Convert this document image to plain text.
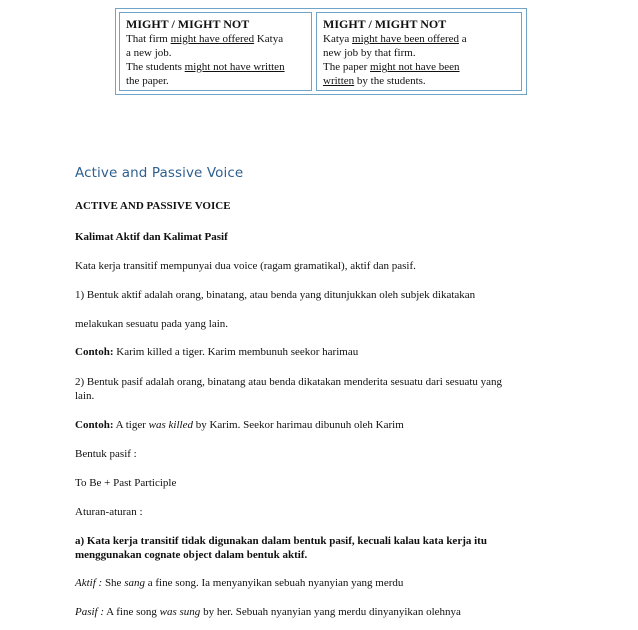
MIGHT / MIGHT NOT
That firm might have offered Katya
a new job.
The students might not have written
the paper.
MIGHT / MIGHT NOT
Katya might have been offered a
new job by that firm.
The paper might not have been
written by the students.
Active and Passive Voice
ACTIVE AND PASSIVE VOICE
Kalimat Aktif dan Kalimat Pasif
Kata kerja transitif mempunyai dua voice (ragam gramatikal), aktif dan pasif.
1) Bentuk aktif adalah orang, binatang, atau benda yang ditunjukkan oleh subjek dikatakan
melakukan sesuatu pada yang lain.
Contoh: Karim killed a tiger. Karim membunuh seekor harimau
2) Bentuk pasif adalah orang, binatang atau benda dikatakan menderita sesuatu dari sesuatu yang
lain.
Contoh: A tiger was killed by Karim. Seekor harimau dibunuh oleh Karim
Bentuk pasif :
To Be + Past Participle
Aturan-aturan :
a) Kata kerja transitif tidak digunakan dalam bentuk pasif, kecuali kalau kata kerja itu
menggunakan cognate object dalam bentuk aktif.
Aktif : She sang a fine song. Ia menyanyikan sebuah nyanyian yang merdu
Pasif : A fine song was sung by her. Sebuah nyanyian yang merdu dinyanyikan olehnya
